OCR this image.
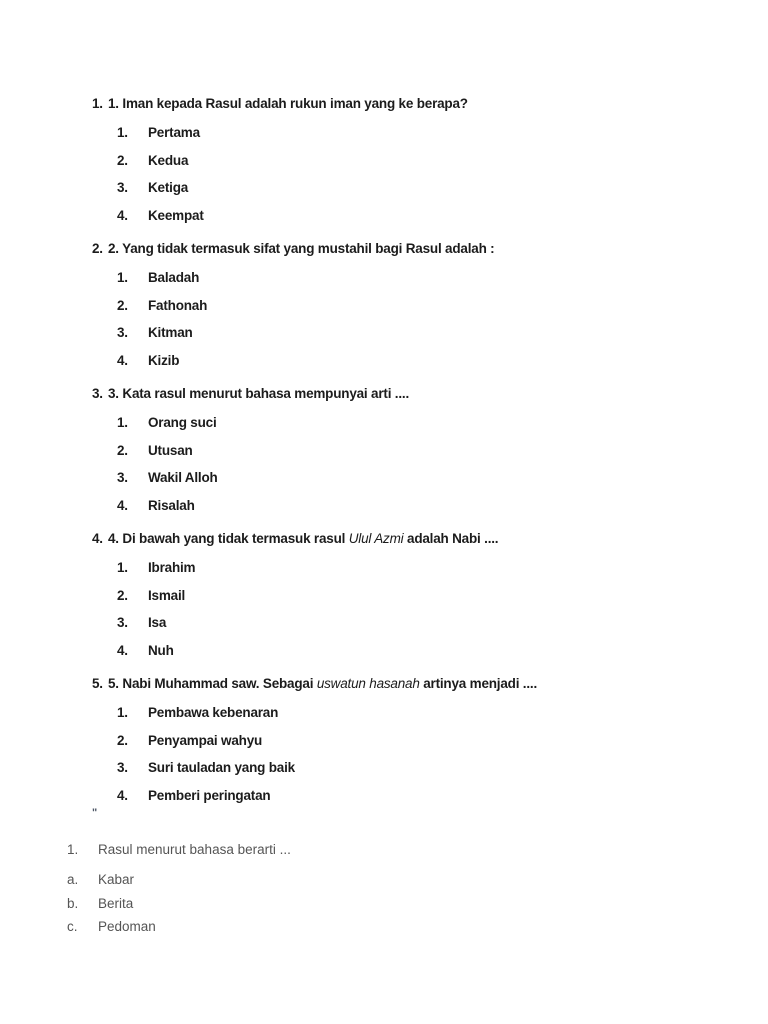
1. 1. Iman kepada Rasul adalah rukun iman yang ke berapa?
1.	Pertama
2.	Kedua
3.	Ketiga
4.	Keempat
2. 2. Yang tidak termasuk sifat yang mustahil bagi Rasul adalah :
1.	Baladah
2.	Fathonah
3.	Kitman
4.	Kizib
3. 3. Kata rasul menurut bahasa mempunyai arti ....
1.	Orang suci
2.	Utusan
3.	Wakil Alloh
4.	Risalah
4. 4. Di bawah yang tidak termasuk rasul Ulul Azmi adalah Nabi ....
1.	Ibrahim
2.	Ismail
3.	Isa
4.	Nuh
5. 5. Nabi Muhammad saw. Sebagai uswatun hasanah artinya menjadi ....
1.	Pembawa kebenaran
2.	Penyampai wahyu
3.	Suri tauladan yang baik
4.	Pemberi peringatan
"
1.	Rasul menurut bahasa berarti ...
a.	Kabar
b.	Berita
c.	Pedoman
